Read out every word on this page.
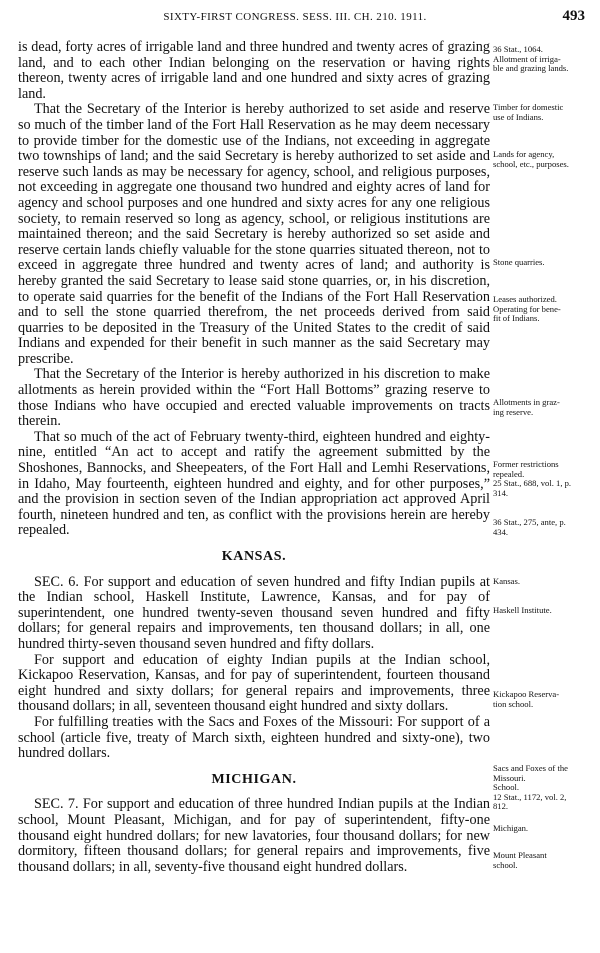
SIXTY-FIRST CONGRESS. SESS. III. CH. 210. 1911.	493

is dead, forty acres of irrigable land and three hundred and twenty acres of grazing land, and to each other Indian belonging on the reservation or having rights thereon, twenty acres of irrigable land and one hundred and sixty acres of grazing land.

That the Secretary of the Interior is hereby authorized to set aside and reserve so much of the timber land of the Fort Hall Reservation as he may deem necessary to provide timber for the domestic use of the Indians, not exceeding in aggregate two townships of land; and the said Secretary is hereby authorized to set aside and reserve such lands as may be necessary for agency, school, and religious purposes, not exceeding in aggregate one thousand two hundred and eighty acres of land for agency and school purposes and one hundred and sixty acres for any one religious society, to remain reserved so long as agency, school, or religious institutions are maintained thereon; and the said Secretary is hereby authorized so set aside and reserve certain lands chiefly valuable for the stone quarries situated thereon, not to exceed in aggregate three hundred and twenty acres of land; and authority is hereby granted the said Secretary to lease said stone quarries, or, in his discretion, to operate said quarries for the benefit of the Indians of the Fort Hall Reservation and to sell the stone quarried therefrom, the net proceeds derived from said quarries to be deposited in the Treasury of the United States to the credit of said Indians and expended for their benefit in such manner as the said Secretary may prescribe.

That the Secretary of the Interior is hereby authorized in his discretion to make allotments as herein provided within the “Fort Hall Bottoms” grazing reserve to those Indians who have occupied and erected valuable improvements on tracts therein.

That so much of the act of February twenty-third, eighteen hundred and eighty-nine, entitled “An act to accept and ratify the agreement submitted by the Shoshones, Bannocks, and Sheepeaters, of the Fort Hall and Lemhi Reservations, in Idaho, May fourteenth, eighteen hundred and eighty, and for other purposes,” and the provision in section seven of the Indian appropriation act approved April fourth, nineteen hundred and ten, as conflict with the provisions herein are hereby repealed.

KANSAS.

SEC. 6. For support and education of seven hundred and fifty Indian pupils at the Indian school, Haskell Institute, Lawrence, Kansas, and for pay of superintendent, one hundred twenty-seven thousand seven hundred and fifty dollars; for general repairs and improvements, ten thousand dollars; in all, one hundred thirty-seven thousand seven hundred and fifty dollars.

For support and education of eighty Indian pupils at the Indian school, Kickapoo Reservation, Kansas, and for pay of superintendent, fourteen thousand eight hundred and sixty dollars; for general repairs and improvements, three thousand dollars; in all, seventeen thousand eight hundred and sixty dollars.

For fulfilling treaties with the Sacs and Foxes of the Missouri: For support of a school (article five, treaty of March sixth, eighteen hundred and sixty-one), two hundred dollars.

MICHIGAN.

SEC. 7. For support and education of three hundred Indian pupils at the Indian school, Mount Pleasant, Michigan, and for pay of superintendent, fifty-one thousand eight hundred dollars; for new lavatories, four thousand dollars; for new dormitory, fifteen thousand dollars; for general repairs and improvements, five thousand dollars; in all, seventy-five thousand eight hundred dollars.

36 Stat., 1064.
Allotment of irriga-
ble and grazing lands.
Timber for domestic
use of Indians.
Lands for agency,
school, etc., purposes.
Stone quarries.
Leases authorized.
Operating for bene-
fit of Indians.
Allotments in graz-
ing reserve.
Former restrictions
repealed.
25 Stat., 688, vol. 1, p.
314.
36 Stat., 275, ante, p.
434.
Kansas.
Haskell Institute.
Kickapoo Reserva-
tion school.
Sacs and Foxes of the
Missouri.
School.
12 Stat., 1172, vol. 2,
812.
Michigan.
Mount Pleasant
school.
